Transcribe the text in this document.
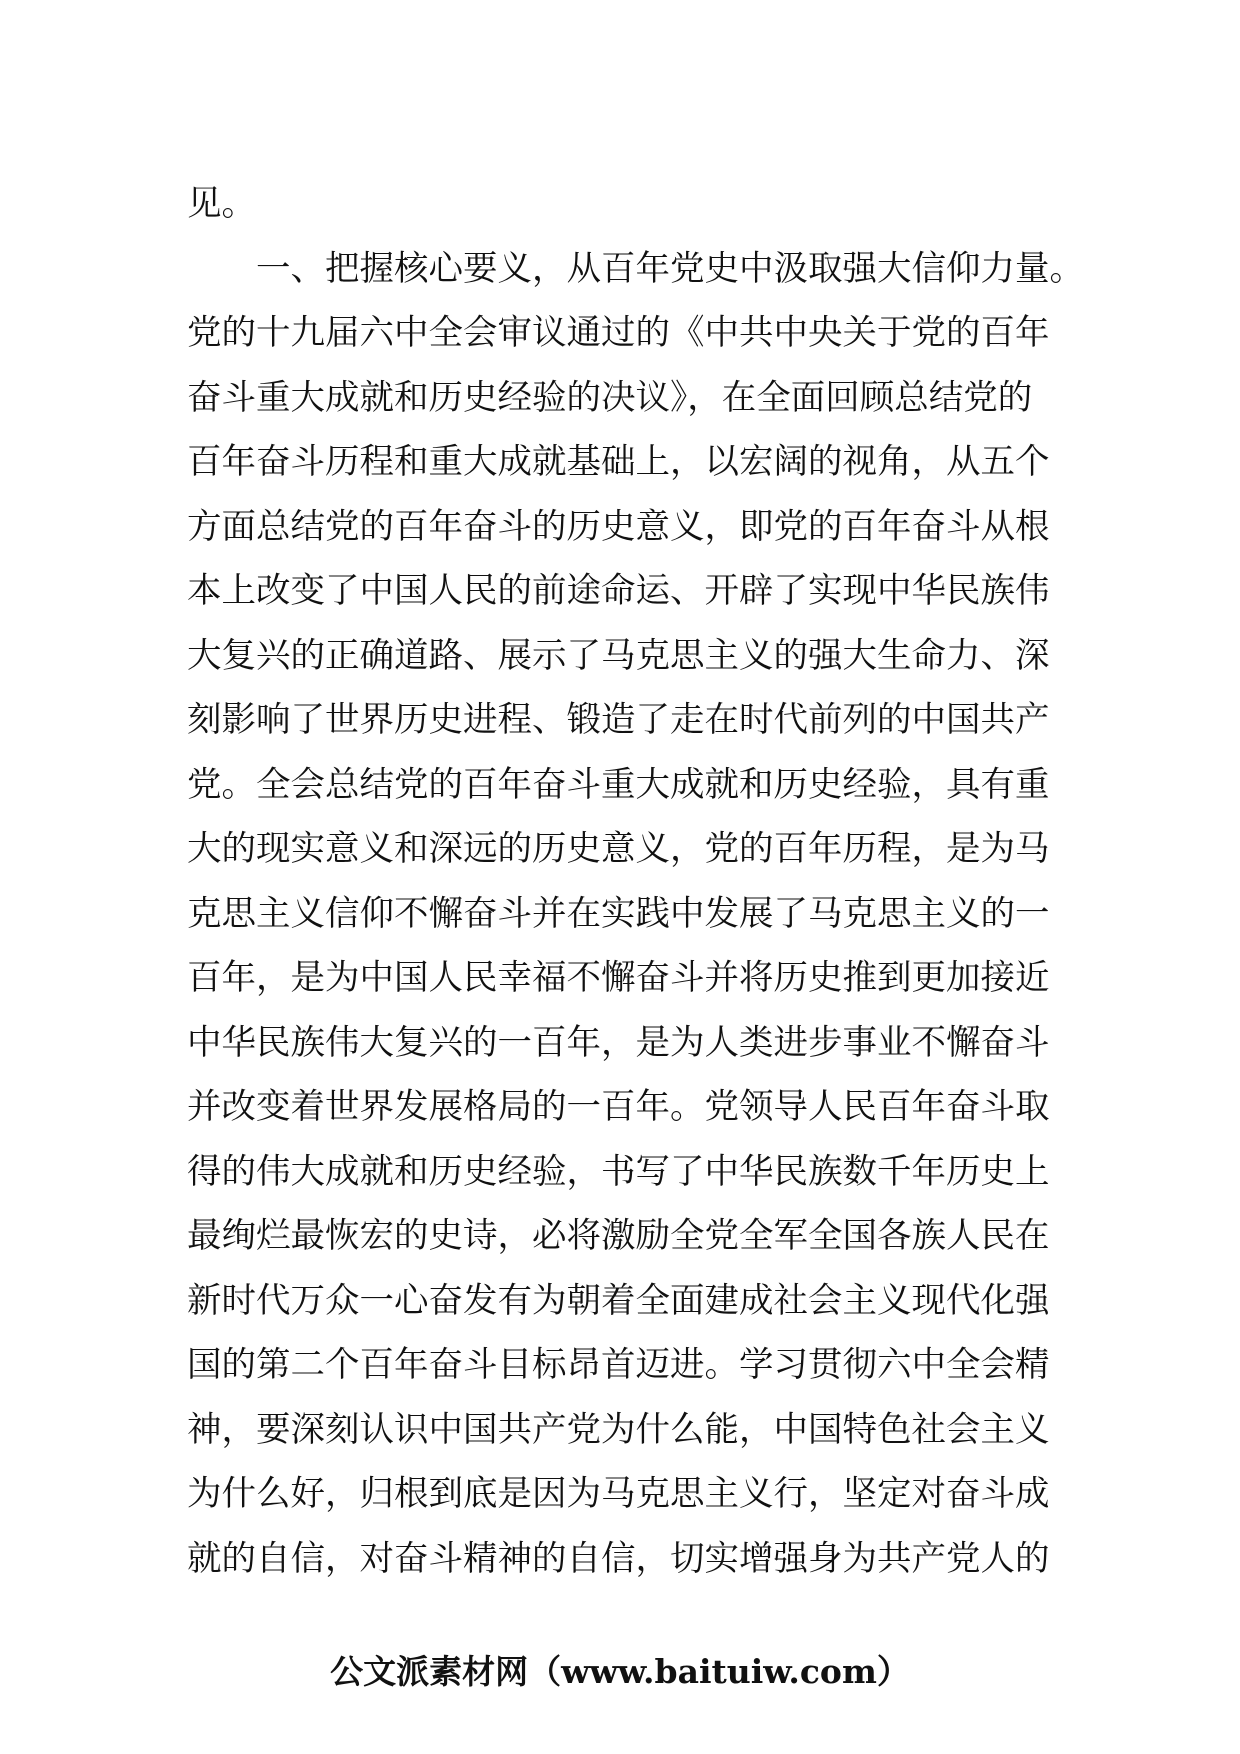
见。
一、把握核心要义，从百年党史中汲取强大信仰力量。
党的十九届六中全会审议通过的《中共中央关于党的百年
奋斗重大成就和历史经验的决议》，在全面回顾总结党的
百年奋斗历程和重大成就基础上，以宏阔的视角，从五个
方面总结党的百年奋斗的历史意义，即党的百年奋斗从根
本上改变了中国人民的前途命运、开辟了实现中华民族伟
大复兴的正确道路、展示了马克思主义的强大生命力、深
刻影响了世界历史进程、锻造了走在时代前列的中国共产
党。全会总结党的百年奋斗重大成就和历史经验，具有重
大的现实意义和深远的历史意义，党的百年历程，是为马
克思主义信仰不懈奋斗并在实践中发展了马克思主义的一
百年，是为中国人民幸福不懈奋斗并将历史推到更加接近
中华民族伟大复兴的一百年，是为人类进步事业不懈奋斗
并改变着世界发展格局的一百年。党领导人民百年奋斗取
得的伟大成就和历史经验，书写了中华民族数千年历史上
最绚烂最恢宏的史诗，必将激励全党全军全国各族人民在
新时代万众一心奋发有为朝着全面建成社会主义现代化强
国的第二个百年奋斗目标昂首迈进。学习贯彻六中全会精
神，要深刻认识中国共产党为什么能，中国特色社会主义
为什么好，归根到底是因为马克思主义行，坚定对奋斗成
就的自信，对奋斗精神的自信，切实增强身为共产党人的
公文派素材网（www.baituiw.com）
